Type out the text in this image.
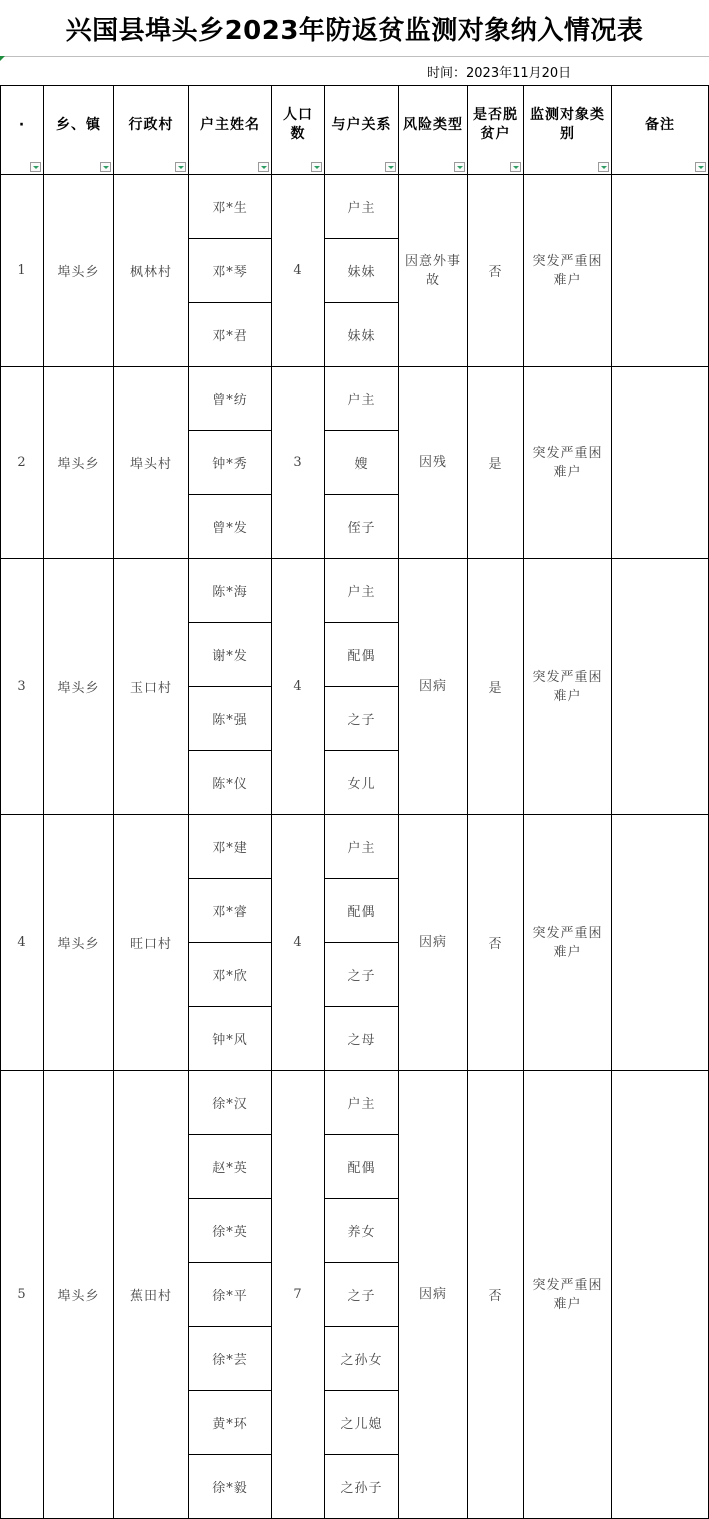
兴国县埠头乡2023年防返贫监测对象纳入情况表
时间：2023年11月20日
·	乡、镇	行政村	户主姓名	人口数	与户关系	风险类型	是否脱贫户	监测对象类别	备注

1	埠头乡	枫林村	邓*生	4	户主	因意外事故	否	突发严重困难户	
			邓*琴		妹妹				
			邓*君		妹妹				
2	埠头乡	埠头村	曾*纺	3	户主	因残	是	突发严重困难户	
			钟*秀		嫂				
			曾*发		侄子				
3	埠头乡	玉口村	陈*海	4	户主	因病	是	突发严重困难户	
			谢*发		配偶				
			陈*强		之子				
			陈*仪		女儿				
4	埠头乡	旺口村	邓*建	4	户主	因病	否	突发严重困难户	
			邓*睿		配偶				
			邓*欣		之子				
			钟*风		之母				
5	埠头乡	蕉田村	徐*汉	7	户主	因病	否	突发严重困难户	
			赵*英		配偶				
			徐*英		养女				
			徐*平		之子				
			徐*芸		之孙女				
			黄*环		之儿媳				
			徐*毅		之孙子				
